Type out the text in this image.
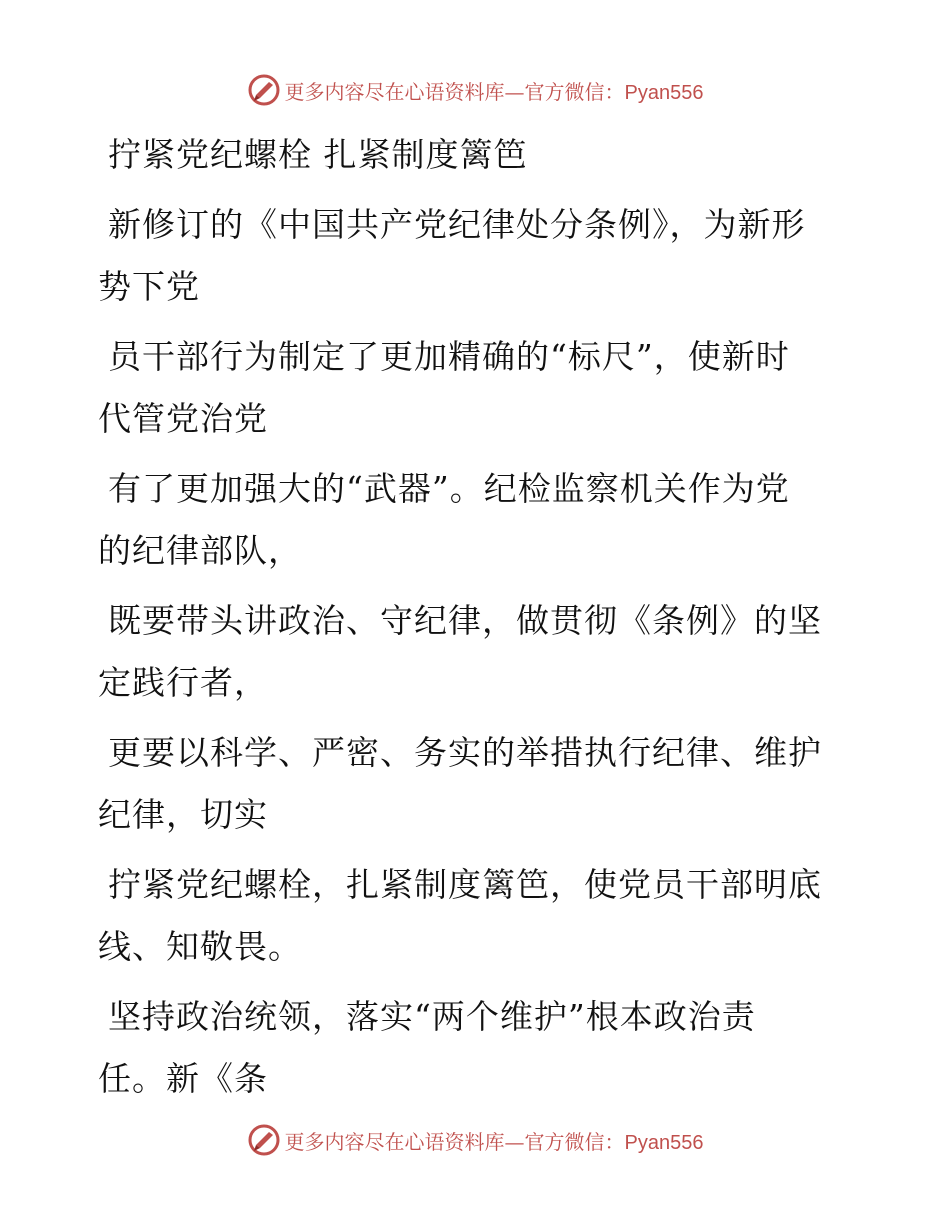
更多内容尽在心语资料库—官方微信：Pyan556
拧紧党纪螺栓 扎紧制度篱笆
新修订的《中国共产党纪律处分条例》，为新形
势下党
员干部行为制定了更加精确的“标尺”，使新时
代管党治党
有了更加强大的“武器”。纪检监察机关作为党
的纪律部队，
既要带头讲政治、守纪律，做贯彻《条例》的坚
定践行者，
更要以科学、严密、务实的举措执行纪律、维护
纪律，切实
拧紧党纪螺栓，扎紧制度篱笆，使党员干部明底
线、知敬畏。
坚持政治统领，落实“两个维护”根本政治责
任。新《条
更多内容尽在心语资料库—官方微信：Pyan556
